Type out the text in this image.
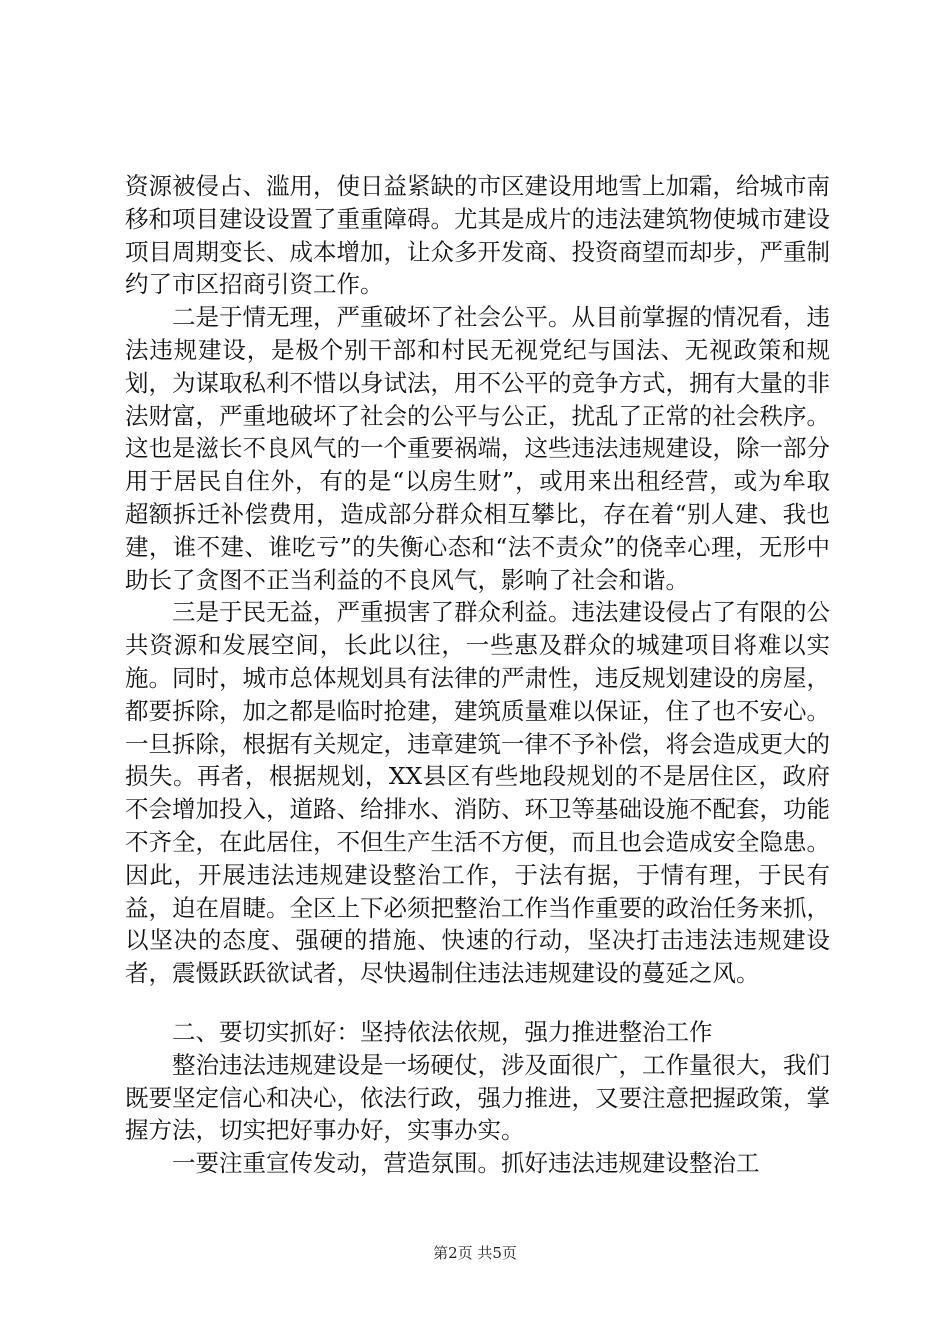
资源被侵占、滥用，使日益紧缺的市区建设用地雪上加霜，给城市南移和项目建设设置了重重障碍。尤其是成片的违法建筑物使城市建设项目周期变长、成本增加，让众多开发商、投资商望而却步，严重制约了市区招商引资工作。

二是于情无理，严重破坏了社会公平。从目前掌握的情况看，违法违规建设，是极个别干部和村民无视党纪与国法、无视政策和规划，为谋取私利不惜以身试法，用不公平的竞争方式，拥有大量的非法财富，严重地破坏了社会的公平与公正，扰乱了正常的社会秩序。这也是滋长不良风气的一个重要祸端，这些违法违规建设，除一部分用于居民自住外，有的是“以房生财”，或用来出租经营，或为牟取超额拆迁补偿费用，造成部分群众相互攀比，存在着“别人建、我也建，谁不建、谁吃亏”的失衡心态和“法不责众”的侥幸心理，无形中助长了贪图不正当利益的不良风气，影响了社会和谐。

三是于民无益，严重损害了群众利益。违法建设侵占了有限的公共资源和发展空间，长此以往，一些惠及群众的城建项目将难以实施。同时，城市总体规划具有法律的严肃性，违反规划建设的房屋，都要拆除，加之都是临时抢建，建筑质量难以保证，住了也不安心。一旦拆除，根据有关规定，违章建筑一律不予补偿，将会造成更大的损失。再者，根据规划，XX县区有些地段规划的不是居住区，政府不会增加投入，道路、给排水、消防、环卫等基础设施不配套，功能不齐全，在此居住，不但生产生活不方便，而且也会造成安全隐患。因此，开展违法违规建设整治工作，于法有据，于情有理，于民有益，迫在眉睫。全区上下必须把整治工作当作重要的政治任务来抓，以坚决的态度、强硬的措施、快速的行动，坚决打击违法违规建设者，震慑跃跃欲试者，尽快遏制住违法违规建设的蔓延之风。

二、要切实抓好：坚持依法依规，强力推进整治工作

整治违法违规建设是一场硬仗，涉及面很广，工作量很大，我们既要坚定信心和决心，依法行政，强力推进，又要注意把握政策，掌握方法，切实把好事办好，实事办实。

一要注重宣传发动，营造氛围。抓好违法违规建设整治工

第2页 共5页
